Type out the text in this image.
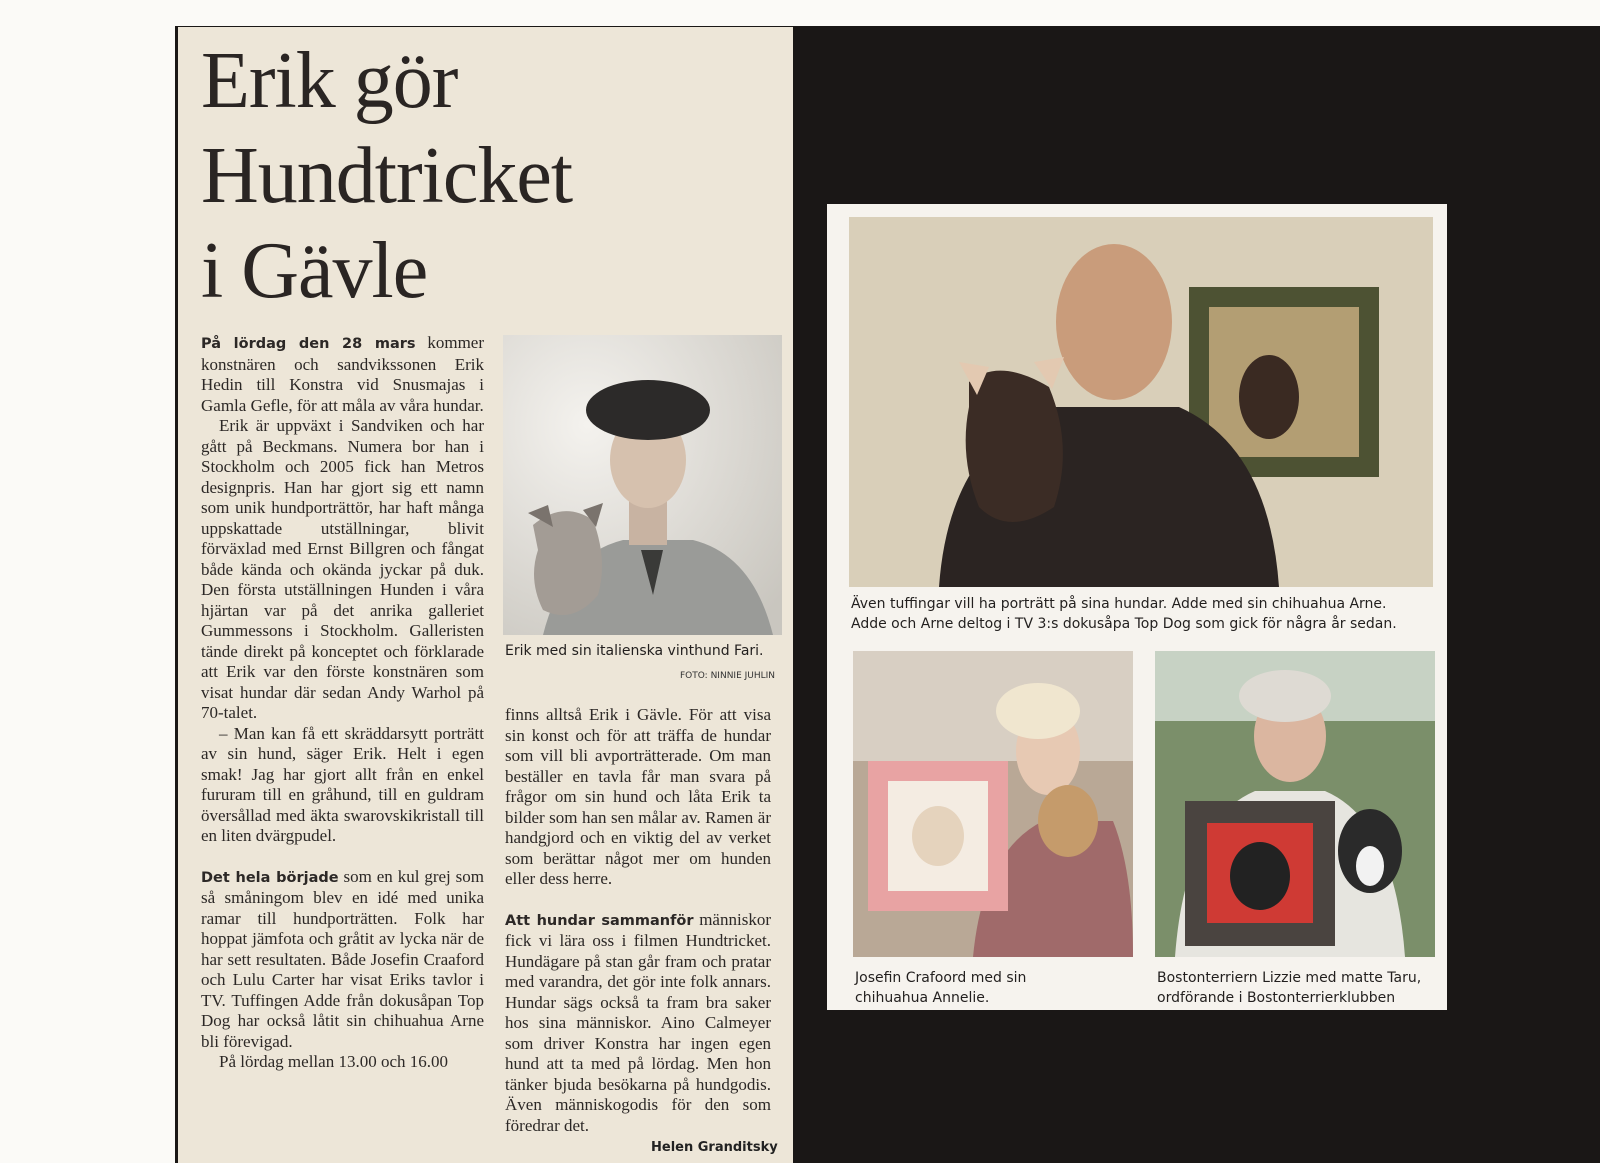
Erik gör
Hundtricket
i Gävle

På lördag den 28 mars kommer konstnären och sandvikssonen Erik Hedin till Konstra vid Snusmajas i Gamla Gefle, för att måla av våra hundar.

Erik är uppväxt i Sandviken och har gått på Beckmans. Numera bor han i Stockholm och 2005 fick han Metros designpris. Han har gjort sig ett namn som unik hundporträttör, har haft många uppskattade utställningar, blivit förväxlad med Ernst Billgren och fångat både kända och okända jyckar på duk. Den första utställningen Hunden i våra hjärtan var på det anrika galleriet Gummessons i Stockholm. Galleristen tände direkt på konceptet och förklarade att Erik var den förste konstnären som visat hundar där sedan Andy Warhol på 70-talet.

– Man kan få ett skräddarsytt porträtt av sin hund, säger Erik. Helt i egen smak! Jag har gjort allt från en enkel fururam till en gråhund, till en guldram översållad med äkta swarovskikristall till en liten dvärgpudel.

Det hela började som en kul grej som så småningom blev en idé med unika ramar till hundporträtten. Folk har hoppat jämfota och gråtit av lycka när de har sett resultaten. Både Josefin Craaford och Lulu Carter har visat Eriks tavlor i TV. Tuffingen Adde från dokusåpan Top Dog har också låtit sin chihuahua Arne bli förevigad.

På lördag mellan 13.00 och 16.00

Erik med sin italienska vinthund Fari.
FOTO: NINNIE JUHLIN

finns alltså Erik i Gävle. För att visa sin konst och för att träffa de hundar som vill bli avporträtterade. Om man beställer en tavla får man svara på frågor om sin hund och låta Erik ta bilder som han sen målar av. Ramen är handgjord och en viktig del av verket som berättar något mer om hunden eller dess herre.

Att hundar sammanför människor fick vi lära oss i filmen Hundtricket. Hundägare på stan går fram och pratar med varandra, det gör inte folk annars. Hundar sägs också ta fram bra saker hos sina människor. Aino Calmeyer som driver Konstra har ingen egen hund att ta med på lördag. Men hon tänker bjuda besökarna på hundgodis. Även människogodis för den som föredrar det.

Helen Granditsky
Även tuffingar vill ha porträtt på sina hundar. Adde med sin chihuahua Arne.
Adde och Arne deltog i TV 3:s dokusåpa Top Dog som gick för några år sedan.
Josefin Crafoord med sin
chihuahua Annelie.
Bostonterriern Lizzie med matte Taru,
ordförande i Bostonterrierklubben
